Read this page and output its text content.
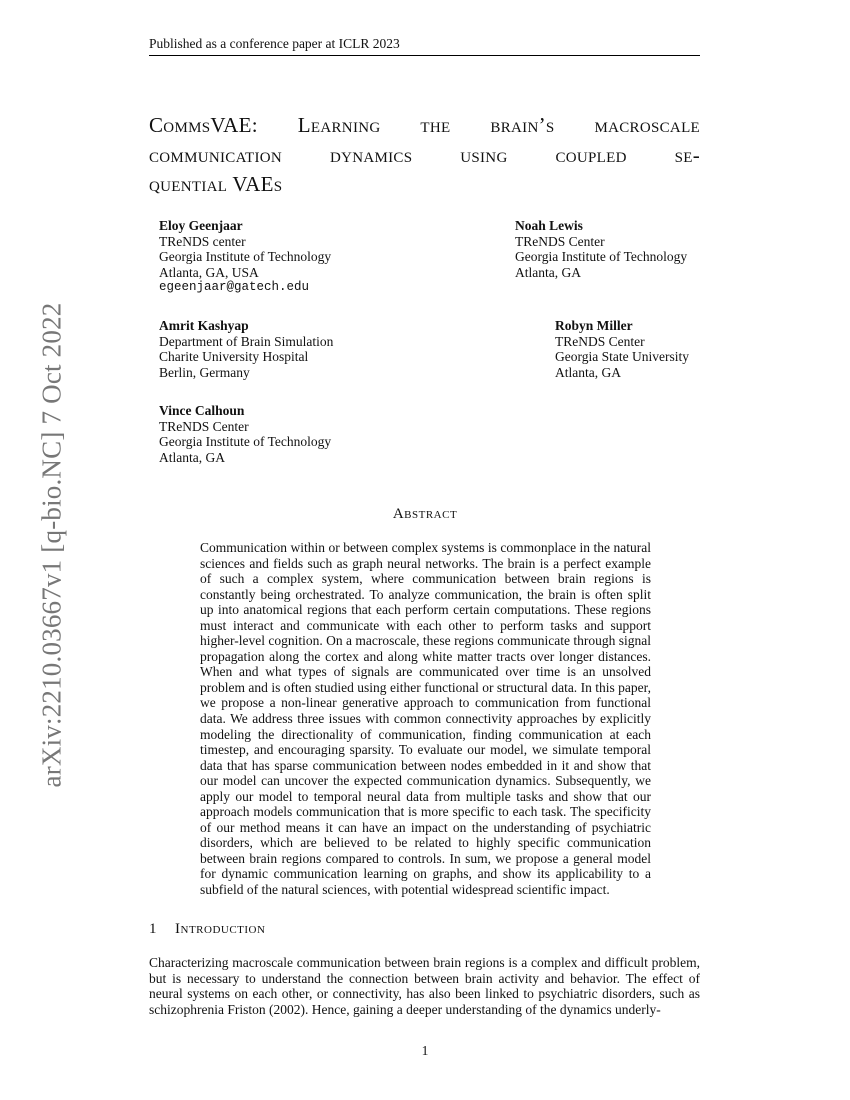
Published as a conference paper at ICLR 2023
CommsVAE: Learning the brain’s macroscale
communication dynamics using coupled se-
quential VAEs
Eloy Geenjaar
TReNDS center
Georgia Institute of Technology
Atlanta, GA, USA
egeenjaar@gatech.edu
Noah Lewis
TReNDS Center
Georgia Institute of Technology
Atlanta, GA
Amrit Kashyap
Department of Brain Simulation
Charite University Hospital
Berlin, Germany
Robyn Miller
TReNDS Center
Georgia State University
Atlanta, GA
Vince Calhoun
TReNDS Center
Georgia Institute of Technology
Atlanta, GA
arXiv:2210.03667v1 [q-bio.NC] 7 Oct 2022	Abstract
Communication within or between complex systems is commonplace in the natural sciences and fields such as graph neural networks. The brain is a perfect example of such a complex system, where communication between brain regions is constantly being orchestrated. To analyze communication, the brain is often split up into anatomical regions that each perform certain computations. These regions must interact and communicate with each other to perform tasks and support higher-level cognition. On a macroscale, these regions communicate through signal propagation along the cortex and along white matter tracts over longer distances. When and what types of signals are communicated over time is an unsolved problem and is often studied using either functional or structural data. In this paper, we propose a non-linear generative approach to communication from functional data. We address three issues with common connectivity approaches by explicitly modeling the directionality of communication, finding communication at each timestep, and encouraging sparsity. To evaluate our model, we simulate temporal data that has sparse communication between nodes embedded in it and show that our model can uncover the expected communication dynamics. Subsequently, we apply our model to temporal neural data from multiple tasks and show that our approach models communication that is more specific to each task. The specificity of our method means it can have an impact on the understanding of psychiatric disorders, which are believed to be related to highly specific communication between brain regions compared to controls. In sum, we propose a general model for dynamic communication learning on graphs, and show its applicability to a subfield of the natural sciences, with potential widespread scientific impact.
1 Introduction
Characterizing macroscale communication between brain regions is a complex and difficult problem, but is necessary to understand the connection between brain activity and behavior. The effect of neural systems on each other, or connectivity, has also been linked to psychiatric disorders, such as schizophrenia Friston (2002). Hence, gaining a deeper understanding of the dynamics underly-
1
